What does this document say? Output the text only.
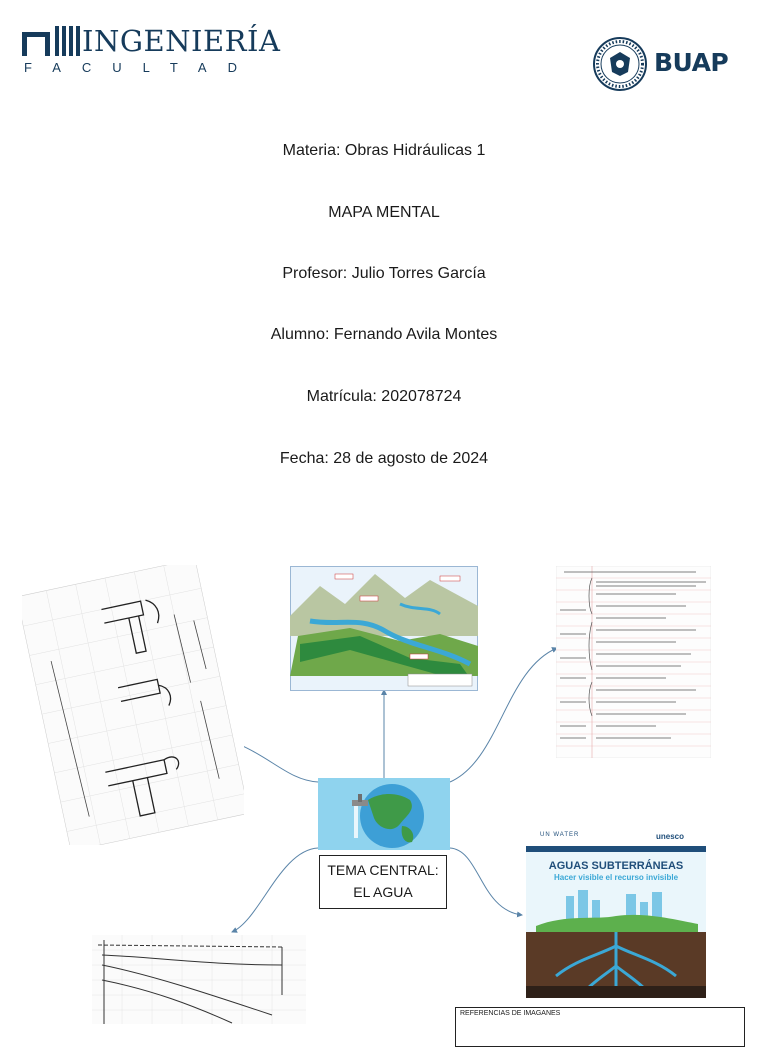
INGENIERÍA
FACULTAD	BUAP
Materia: Obras Hidráulicas 1
MAPA MENTAL
Profesor: Julio Torres García
Alumno: Fernando Avila Montes
Matrícula: 202078724
Fecha: 28 de agosto de 2024
TEMA CENTRAL:
EL AGUA
UN WATER	unesco
AGUAS SUBTERRÁNEAS
Hacer visible el recurso invisible
REFERENCIAS DE IMAGANES
